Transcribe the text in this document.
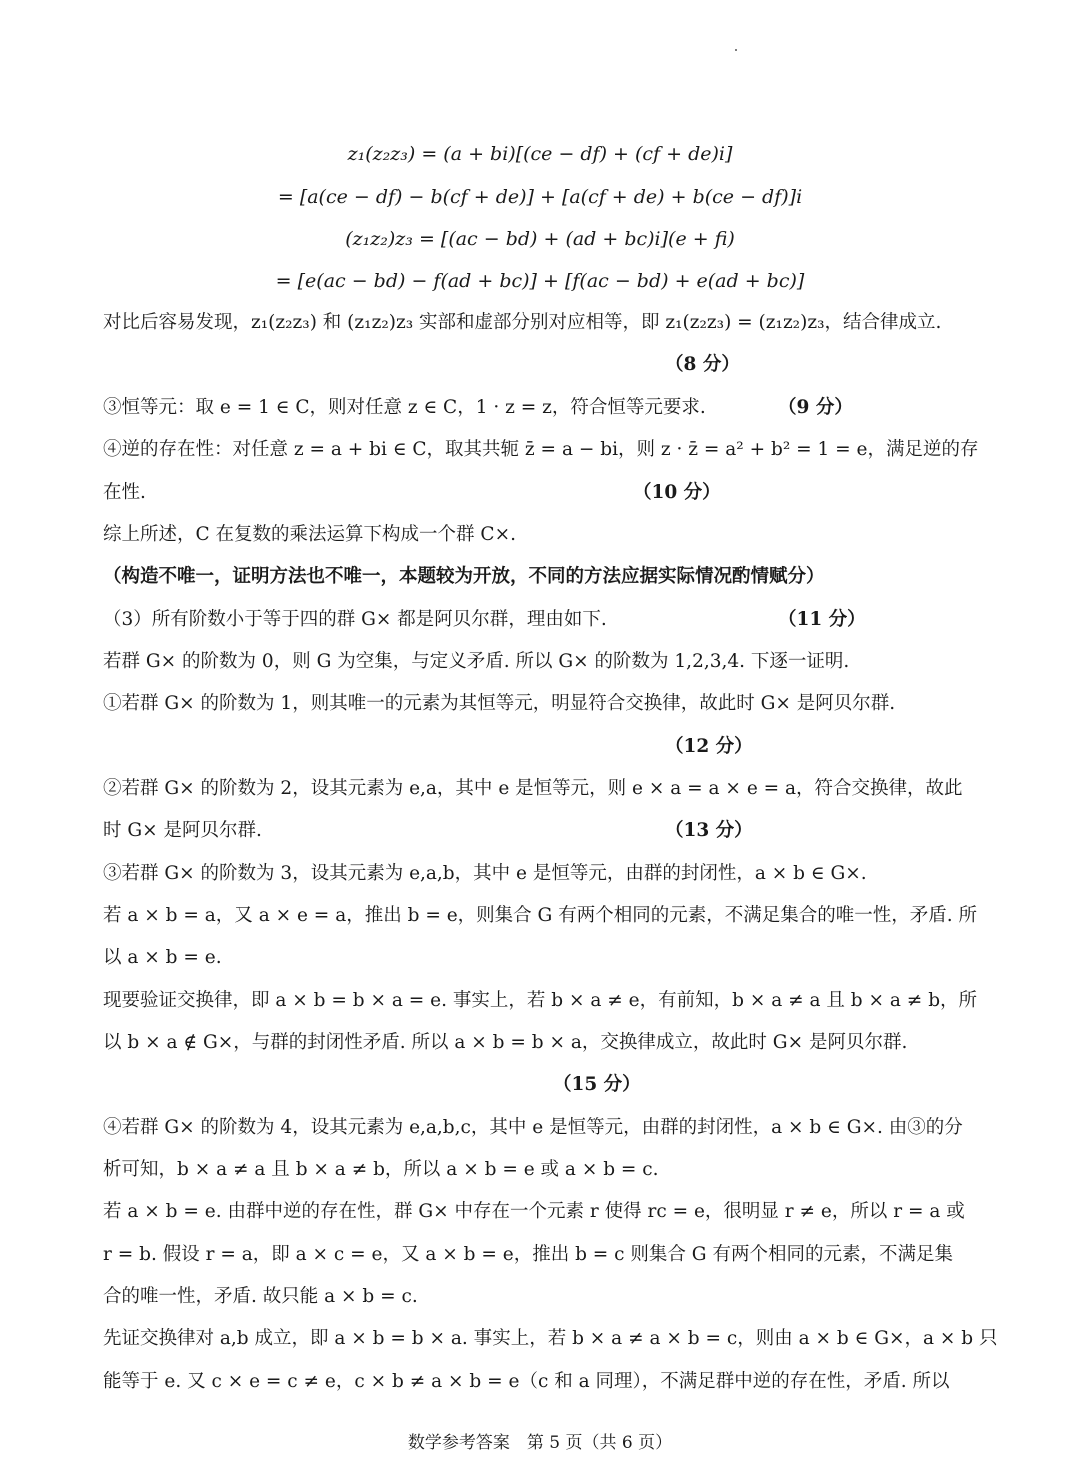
z₁(z₂z₃) = (a + bi)[(ce − df) + (cf + de)i]
= [a(ce − df) − b(cf + de)] + [a(cf + de) + b(ce − df)]i
(z₁z₂)z₃ = [(ac − bd) + (ad + bc)i](e + fi)
= [e(ac − bd) − f(ad + bc)] + [f(ac − bd) + e(ad + bc)]
对比后容易发现，z₁(z₂z₃) 和 (z₁z₂)z₃ 实部和虚部分别对应相等，即 z₁(z₂z₃) = (z₁z₂)z₃，结合律成立.
（8 分）
③恒等元：取 e = 1 ∈ C，则对任意 z ∈ C，1 · z = z，符合恒等元要求.	（9 分）
④逆的存在性：对任意 z = a + bi ∈ C，取其共轭 z̄ = a − bi，则 z · z̄ = a² + b² = 1 = e，满足逆的存
在性.	（10 分）
综上所述，C 在复数的乘法运算下构成一个群 C×.
（构造不唯一，证明方法也不唯一，本题较为开放，不同的方法应据实际情况酌情赋分）
（3）所有阶数小于等于四的群 G× 都是阿贝尔群，理由如下.	（11 分）
若群 G× 的阶数为 0，则 G 为空集，与定义矛盾. 所以 G× 的阶数为 1,2,3,4. 下逐一证明.
①若群 G× 的阶数为 1，则其唯一的元素为其恒等元，明显符合交换律，故此时 G× 是阿贝尔群.
（12 分）
②若群 G× 的阶数为 2，设其元素为 e,a，其中 e 是恒等元，则 e × a = a × e = a，符合交换律，故此
时 G× 是阿贝尔群.	（13 分）
③若群 G× 的阶数为 3，设其元素为 e,a,b，其中 e 是恒等元，由群的封闭性，a × b ∈ G×.
若 a × b = a，又 a × e = a，推出 b = e，则集合 G 有两个相同的元素，不满足集合的唯一性，矛盾. 所
以 a × b = e.
现要验证交换律，即 a × b = b × a = e. 事实上，若 b × a ≠ e，有前知，b × a ≠ a 且 b × a ≠ b，所
以 b × a ∉ G×，与群的封闭性矛盾. 所以 a × b = b × a，交换律成立，故此时 G× 是阿贝尔群.
（15 分）
④若群 G× 的阶数为 4，设其元素为 e,a,b,c，其中 e 是恒等元，由群的封闭性，a × b ∈ G×. 由③的分
析可知，b × a ≠ a 且 b × a ≠ b，所以 a × b = e 或 a × b = c.
若 a × b = e. 由群中逆的存在性，群 G× 中存在一个元素 r 使得 rc = e，很明显 r ≠ e，所以 r = a 或
r = b. 假设 r = a，即 a × c = e，又 a × b = e，推出 b = c 则集合 G 有两个相同的元素，不满足集
合的唯一性，矛盾. 故只能 a × b = c.
先证交换律对 a,b 成立，即 a × b = b × a. 事实上，若 b × a ≠ a × b = c，则由 a × b ∈ G×，a × b 只
能等于 e. 又 c × e = c ≠ e，c × b ≠ a × b = e（c 和 a 同理），不满足群中逆的存在性，矛盾. 所以
数学参考答案　第 5 页（共 6 页）
